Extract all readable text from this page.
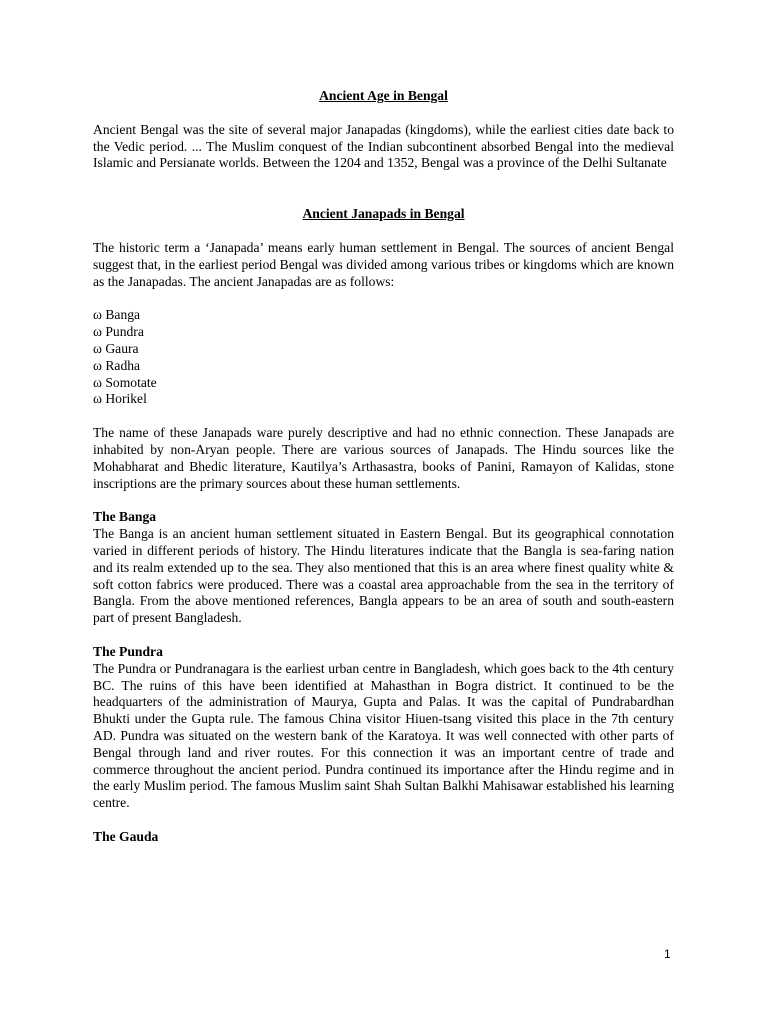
Ancient Age in Bengal

Ancient Bengal was the site of several major Janapadas (kingdoms), while the earliest cities date back to the Vedic period. ... The Muslim conquest of the Indian subcontinent absorbed Bengal into the medieval Islamic and Persianate worlds. Between the 1204 and 1352, Bengal was a province of the Delhi Sultanate

Ancient Janapads in Bengal

The historic term a ‘Janapada’ means early human settlement in Bengal. The sources of ancient Bengal suggest that, in the earliest period Bengal was divided among various tribes or kingdoms which are known as the Janapadas. The ancient Janapadas are as follows:

ω Banga
ω Pundra
ω Gaura
ω Radha
ω Somotate
ω Horikel

The name of these Janapads ware purely descriptive and had no ethnic connection. These Janapads are inhabited by non-Aryan people. There are various sources of Janapads. The Hindu sources like the Mohabharat and Bhedic literature, Kautilya’s Arthasastra, books of Panini, Ramayon of Kalidas, stone inscriptions are the primary sources about these human settlements.

The Banga

The Banga is an ancient human settlement situated in Eastern Bengal. But its geographical connotation varied in different periods of history. The Hindu literatures indicate that the Bangla is sea-faring nation and its realm extended up to the sea. They also mentioned that this is an area where finest quality white & soft cotton fabrics were produced. There was a coastal area approachable from the sea in the territory of Bangla. From the above mentioned references, Bangla appears to be an area of south and south-eastern part of present Bangladesh.

The Pundra

The Pundra or Pundranagara is the earliest urban centre in Bangladesh, which goes back to the 4th century BC. The ruins of this have been identified at Mahasthan in Bogra district. It continued to be the headquarters of the administration of Maurya, Gupta and Palas. It was the capital of Pundrabardhan Bhukti under the Gupta rule. The famous China visitor Hiuen-tsang visited this place in the 7th century AD. Pundra was situated on the western bank of the Karatoya. It was well connected with other parts of Bengal through land and river routes. For this connection it was an important centre of trade and commerce throughout the ancient period. Pundra continued its importance after the Hindu regime and in the early Muslim period. The famous Muslim saint Shah Sultan Balkhi Mahisawar established his learning centre.

The Gauda

1
